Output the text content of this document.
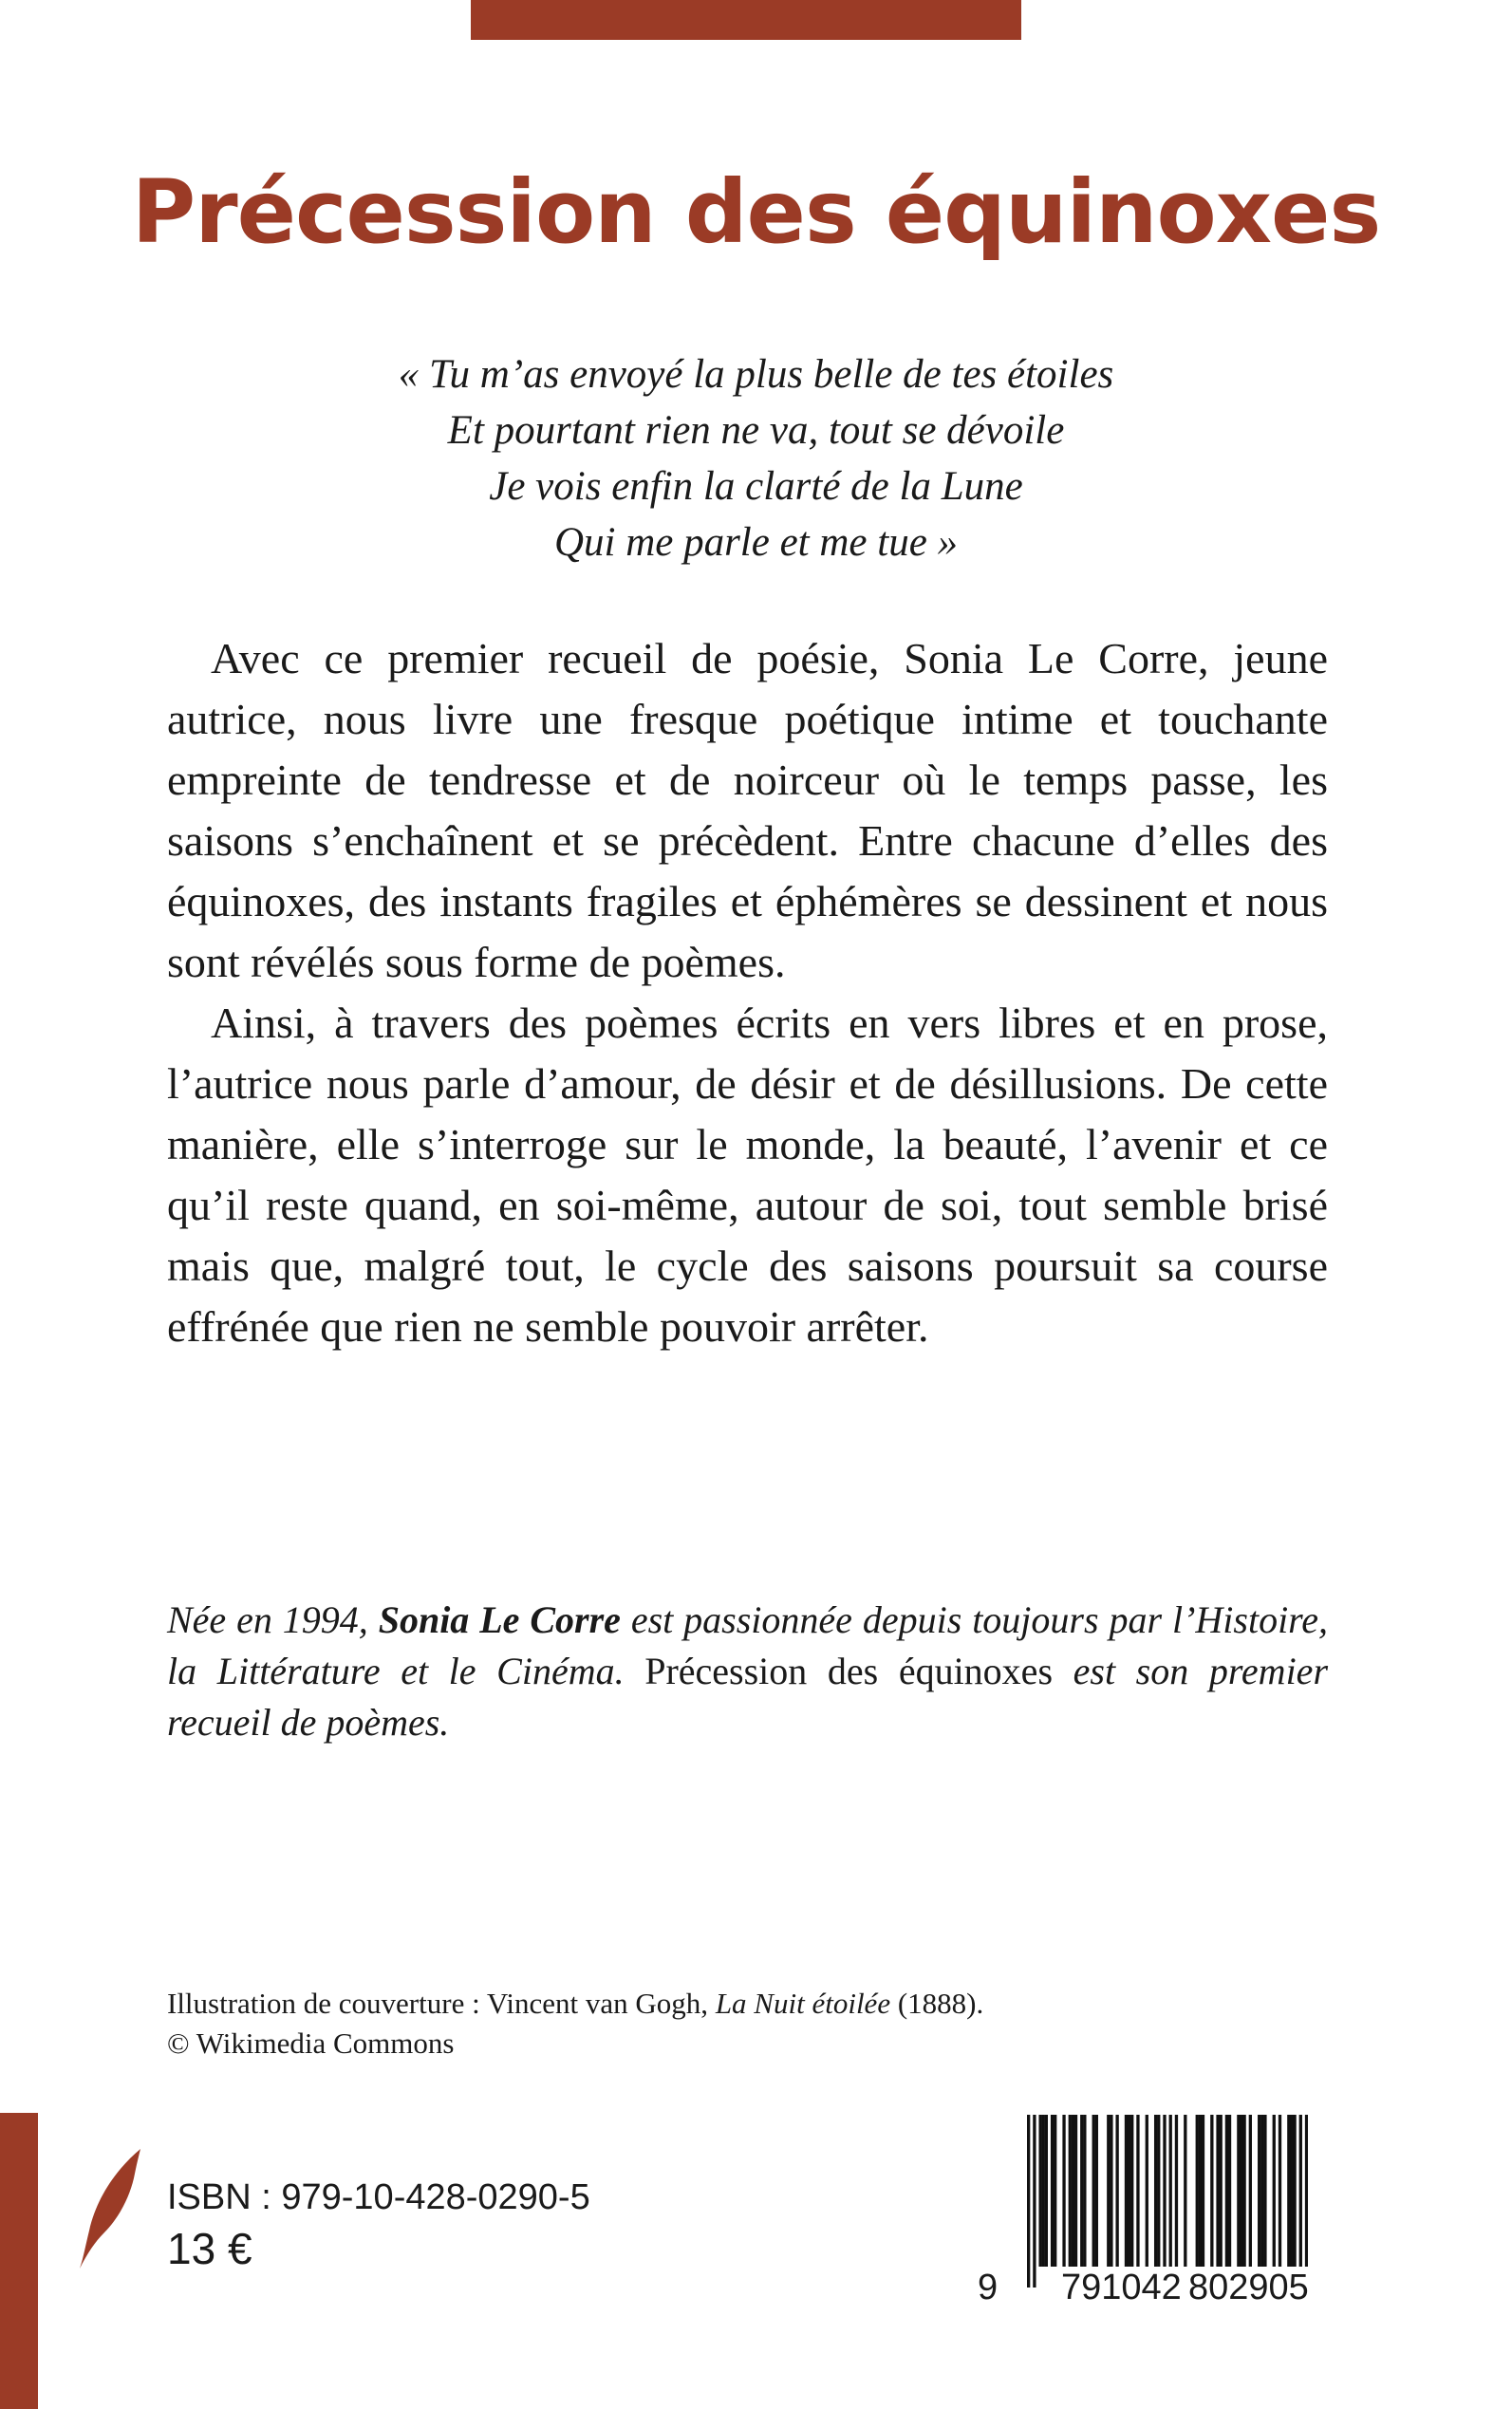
Précession des équinoxes
« Tu m’as envoyé la plus belle de tes étoiles
Et pourtant rien ne va, tout se dévoile
Je vois enfin la clarté de la Lune
Qui me parle et me tue »

Avec ce premier recueil de poésie, Sonia Le Corre, jeune autrice, nous livre une fresque poétique intime et touchante empreinte de tendresse et de noirceur où le temps passe, les saisons s’enchaînent et se précèdent. Entre chacune d’elles des équinoxes, des instants fragiles et éphémères se dessinent et nous sont révélés sous forme de poèmes.

Ainsi, à travers des poèmes écrits en vers libres et en prose, l’autrice nous parle d’amour, de désir et de désillusions. De cette manière, elle s’interroge sur le monde, la beauté, l’avenir et ce qu’il reste quand, en soi-même, autour de soi, tout semble brisé mais que, malgré tout, le cycle des saisons poursuit sa course effrénée que rien ne semble pouvoir arrêter.

Née en 1994, Sonia Le Corre est passionnée depuis toujours par l’Histoire, la Littérature et le Cinéma. Précession des équinoxes est son premier recueil de poèmes.
Illustration de couverture : Vincent van Gogh, La Nuit étoilée (1888).
© Wikimedia Commons
ISBN : 979-10-428-0290-5
13 €
9 791042 802905
